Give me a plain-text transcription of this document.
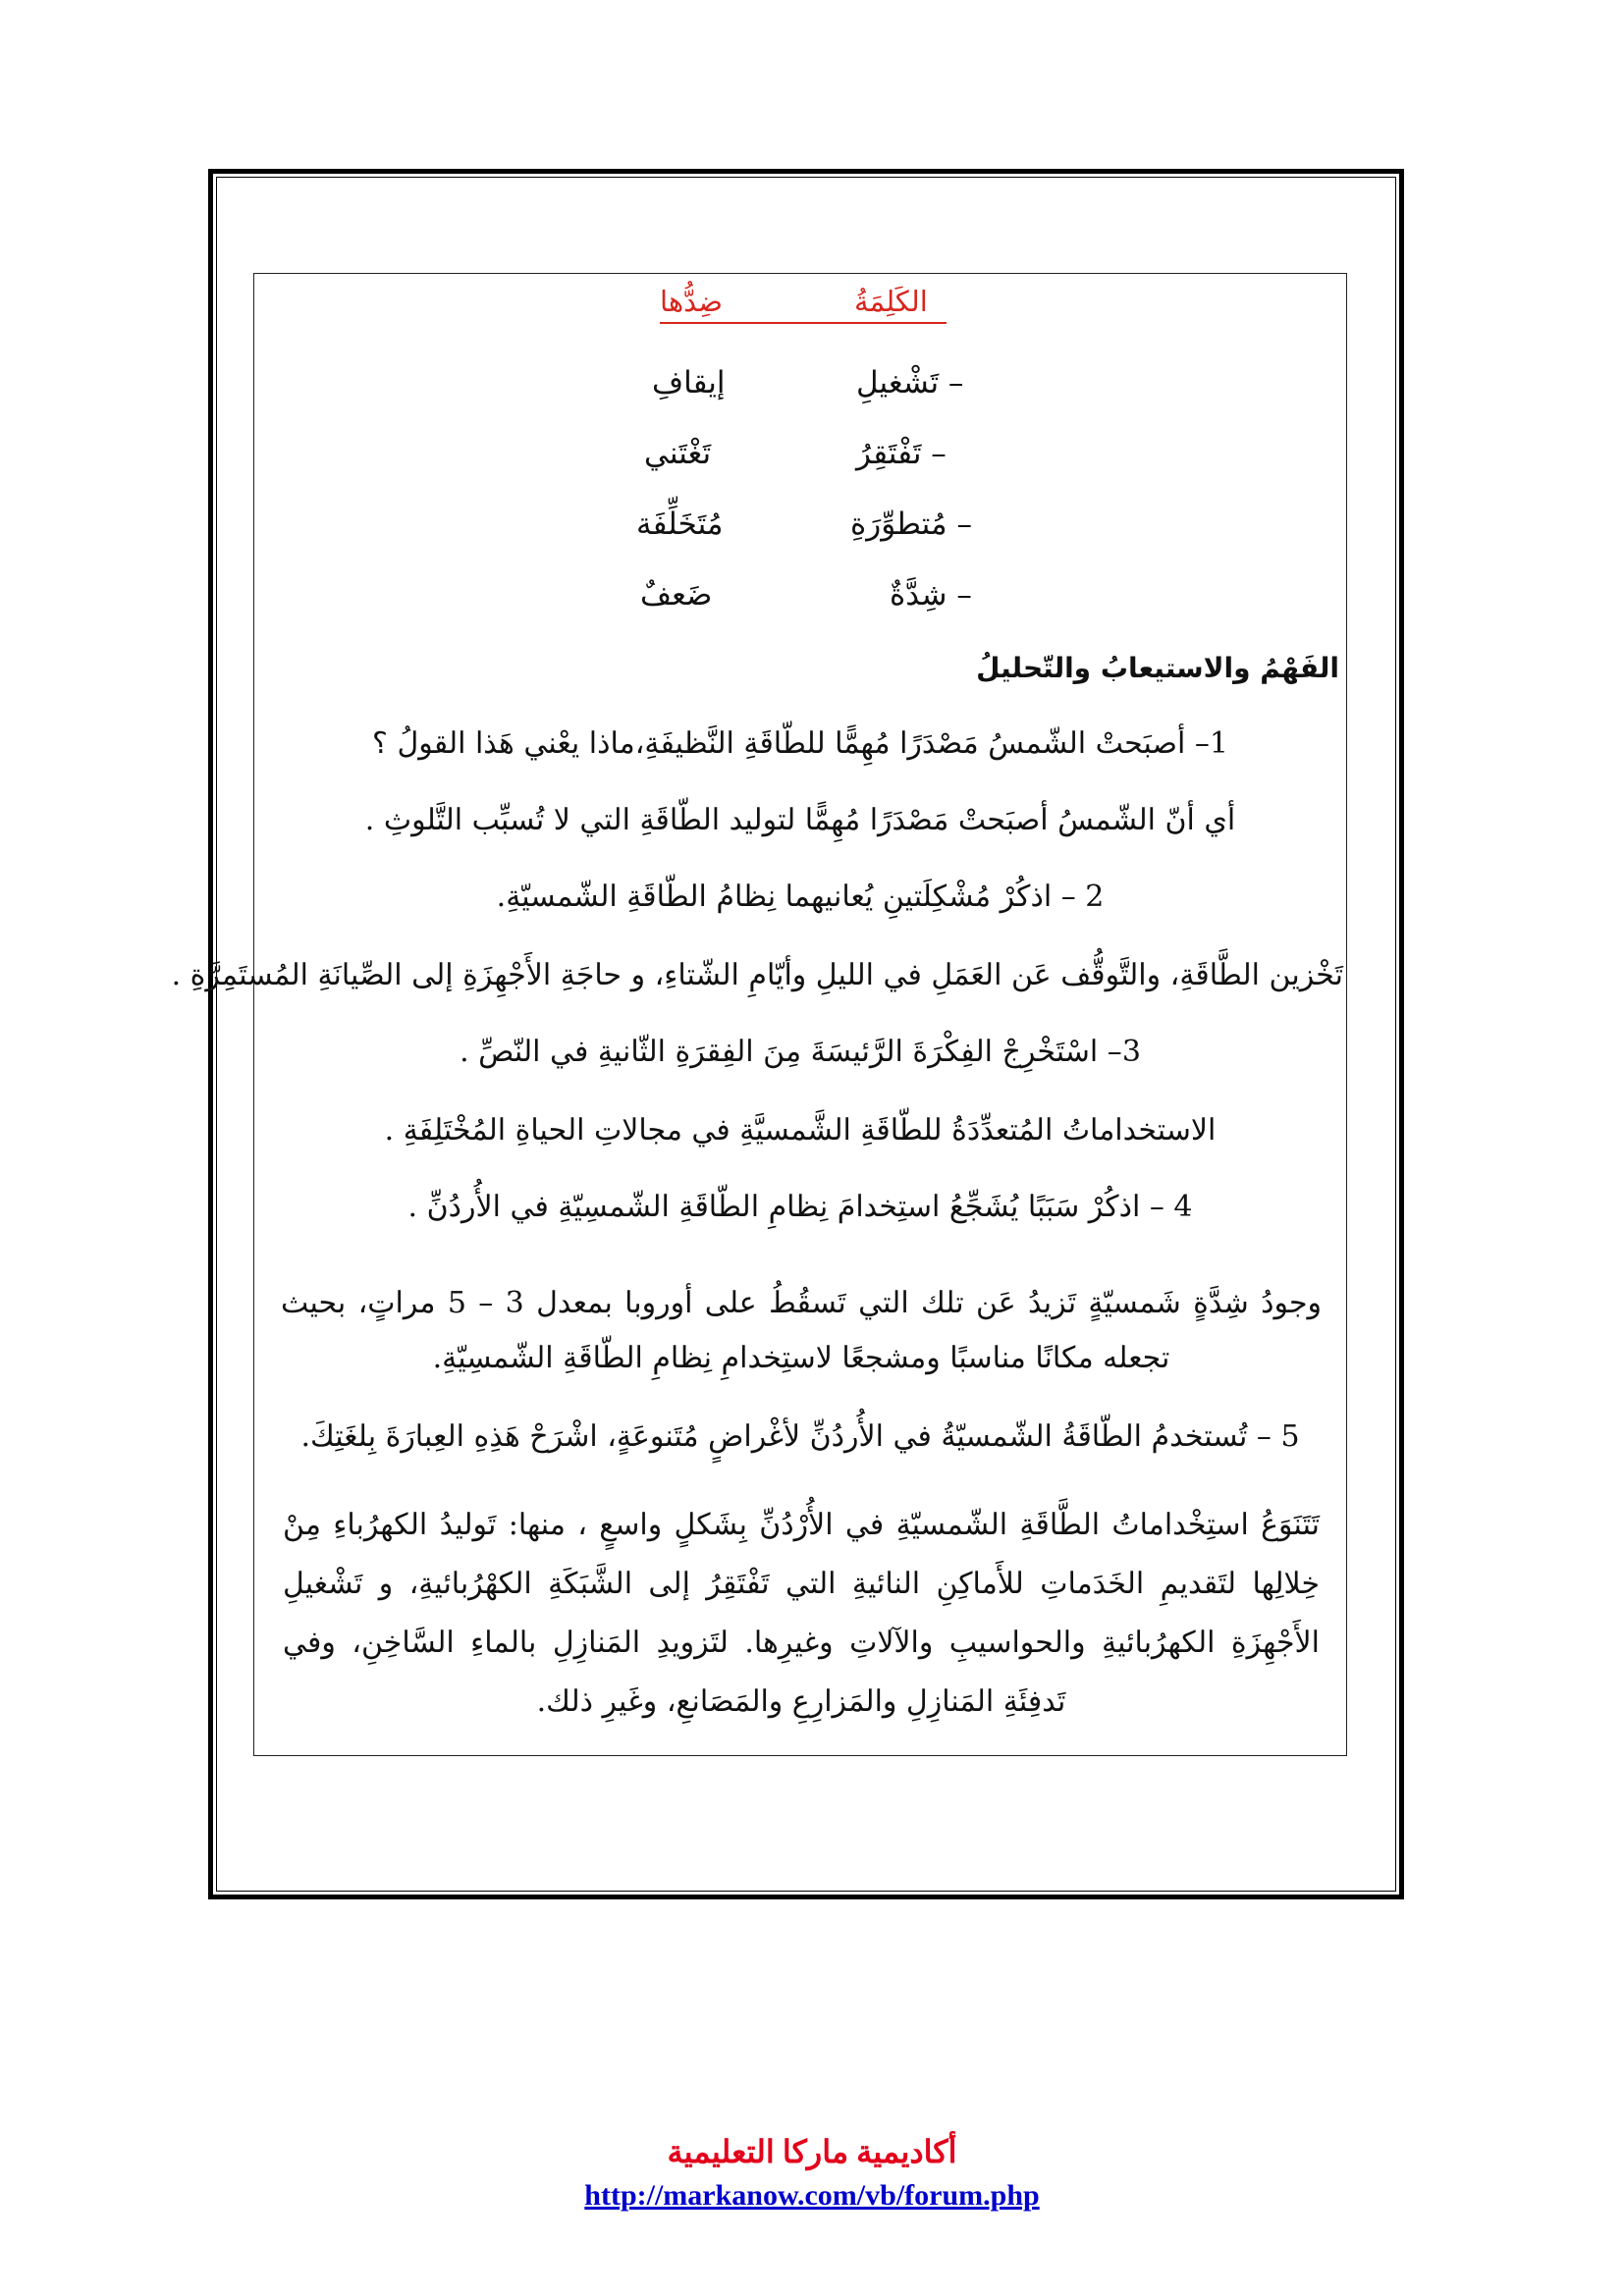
الكَلِمَةُ
ضِدُّها
– تَشْغيلِ
إيقافِ
– تَفْتَقِرُ
تَغْتَني
– مُتطوِّرَةِ
مُتَخَلِّفَة
– شِدَّةٌ
ضَعفٌ
الفَهْمُ والاستيعابُ والتّحليلُ
1– أصبَحتْ الشّمسُ مَصْدَرًا مُهِمًّا للطّاقَةِ النَّظيفَةِ،ماذا يعْني هَذا القولُ ؟
أي أنّ الشّمسُ أصبَحتْ مَصْدَرًا مُهِمًّا لتوليد الطّاقَةِ التي لا تُسبِّب التَّلوثِ .
2 – اذكُرْ مُشْكِلَتينِ يُعانيهما نِظامُ الطّاقَةِ الشّمسيّةِ.
تَخْزين الطَّاقَةِ، والتَّوقُّف عَن العَمَلِ في الليلِ وأيّامِ الشّتاءِ، و حاجَةِ الأَجْهِزَةِ إلى الصِّيانَةِ المُستَمِرَّةِ .
3– اسْتَخْرِجْ الفِكْرَةَ الرَّئيسَةَ مِنَ الفِقرَةِ الثّانيةِ في النّصِّ .
الاستخداماتُ المُتعدِّدَةُ للطّاقَةِ الشَّمسيَّةِ في مجالاتِ الحياةِ المُخْتَلِفَةِ .
4 – اذكُرْ سَبَبًا يُشَجِّعُ استِخدامَ نِظامِ الطّاقَةِ الشّمسِيّةِ في الأُردُنِّ .
وجودُ شِدَّةٍ شَمسيّةٍ تَزيدُ عَن تلك التي تَسقُطُ على أوروبا بمعدل 3 – 5 مراتٍ، بحيث تجعله مكانًا مناسبًا ومشجعًا لاستِخدامِ نِظامِ الطّاقَةِ الشّمسِيّةِ.
5 – تُستخدمُ الطّاقَةُ الشّمسيّةُ في الأُردُنِّ لأغْراضٍ مُتَنوعَةٍ، اشْرَحْ هَذِهِ العِبارَةَ بِلغَتِكَ.
تَتَنَوَعُ استِخْداماتُ الطَّاقَةِ الشّمسيّةِ في الأُرْدُنِّ بِشَكلٍ واسعٍ ، منها: تَوليدُ الكهرُباءِ مِنْ خِلالِها لتَقديمِ الخَدَماتِ للأَماكِنِ النائيةِ التي تَفْتَقِرُ إلى الشَّبَكَةِ الكهْرُبائيةِ، و تَشْغيلِ الأَجْهِزَةِ الكهرُبائيةِ والحواسيبِ والآلاتِ وغيرِها. لتَزويدِ المَنازِلِ بالماءِ السَّاخِنِ، وفي تَدفِئَةِ المَنازِلِ والمَزارِعِ والمَصَانعِ، وغَيرِ ذلك.
أكاديمية ماركا التعليمية
http://markanow.com/vb/forum.php
